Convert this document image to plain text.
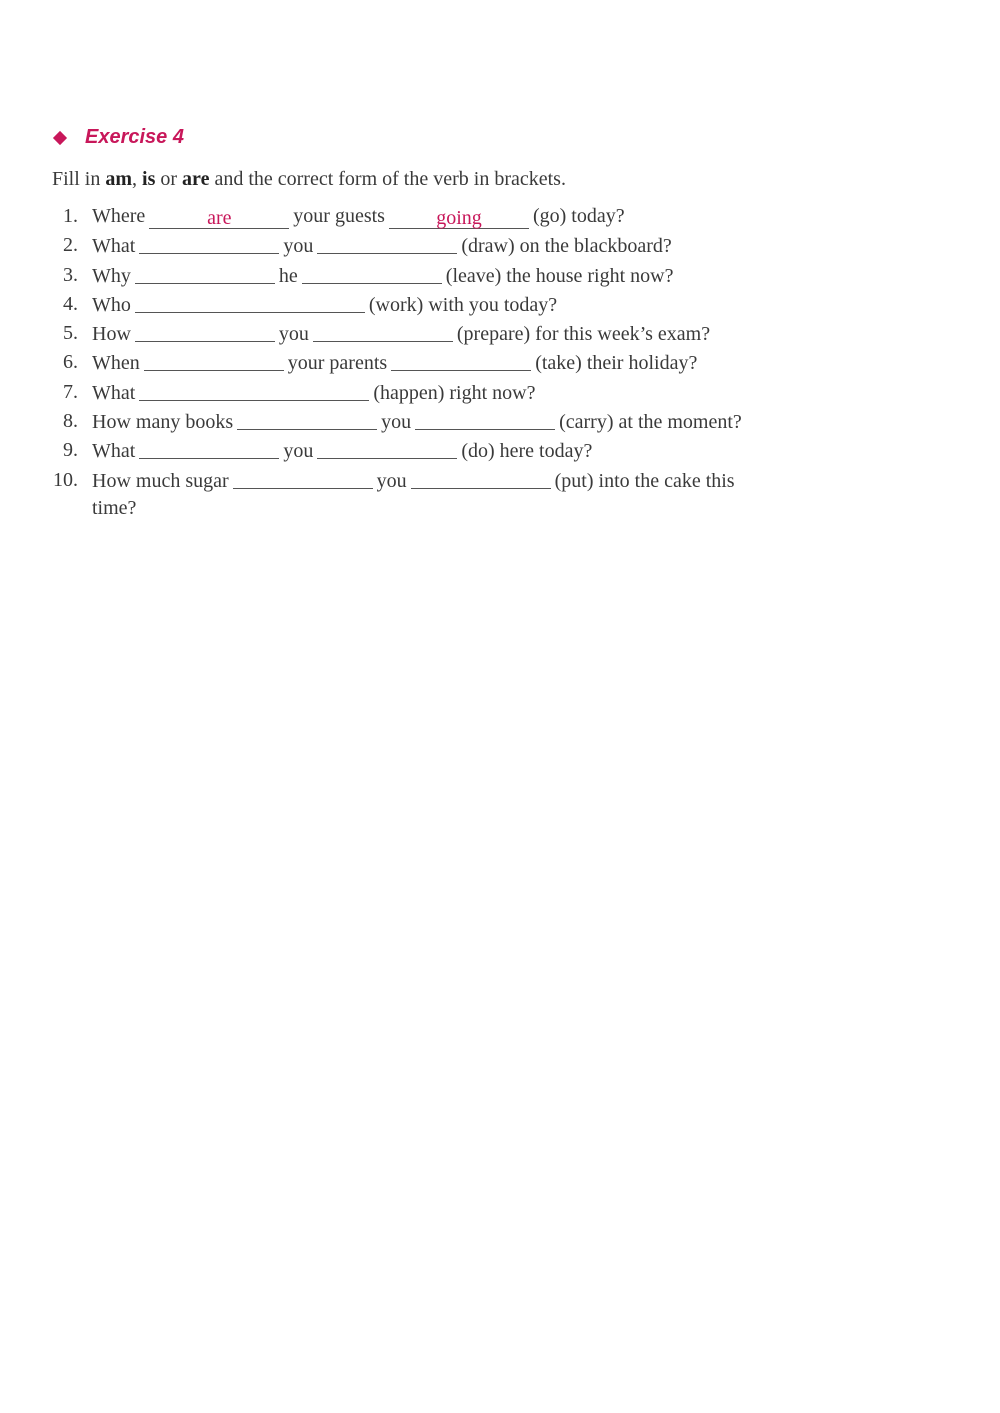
Exercise 4
Fill in am, is or are and the correct form of the verb in brackets.
1. Where	are	your guests	going	(go) today?
2. What	you	(draw) on the blackboard?
3. Why	he	(leave) the house right now?
4. Who	(work) with you today?
5. How	you	(prepare) for this week’s exam?
6. When	your parents	(take) their holiday?
7. What	(happen) right now?
8. How many books	you	(carry) at the moment?
9. What	you	(do) here today?
10. How much sugar	you	(put) into the cake this
time?
